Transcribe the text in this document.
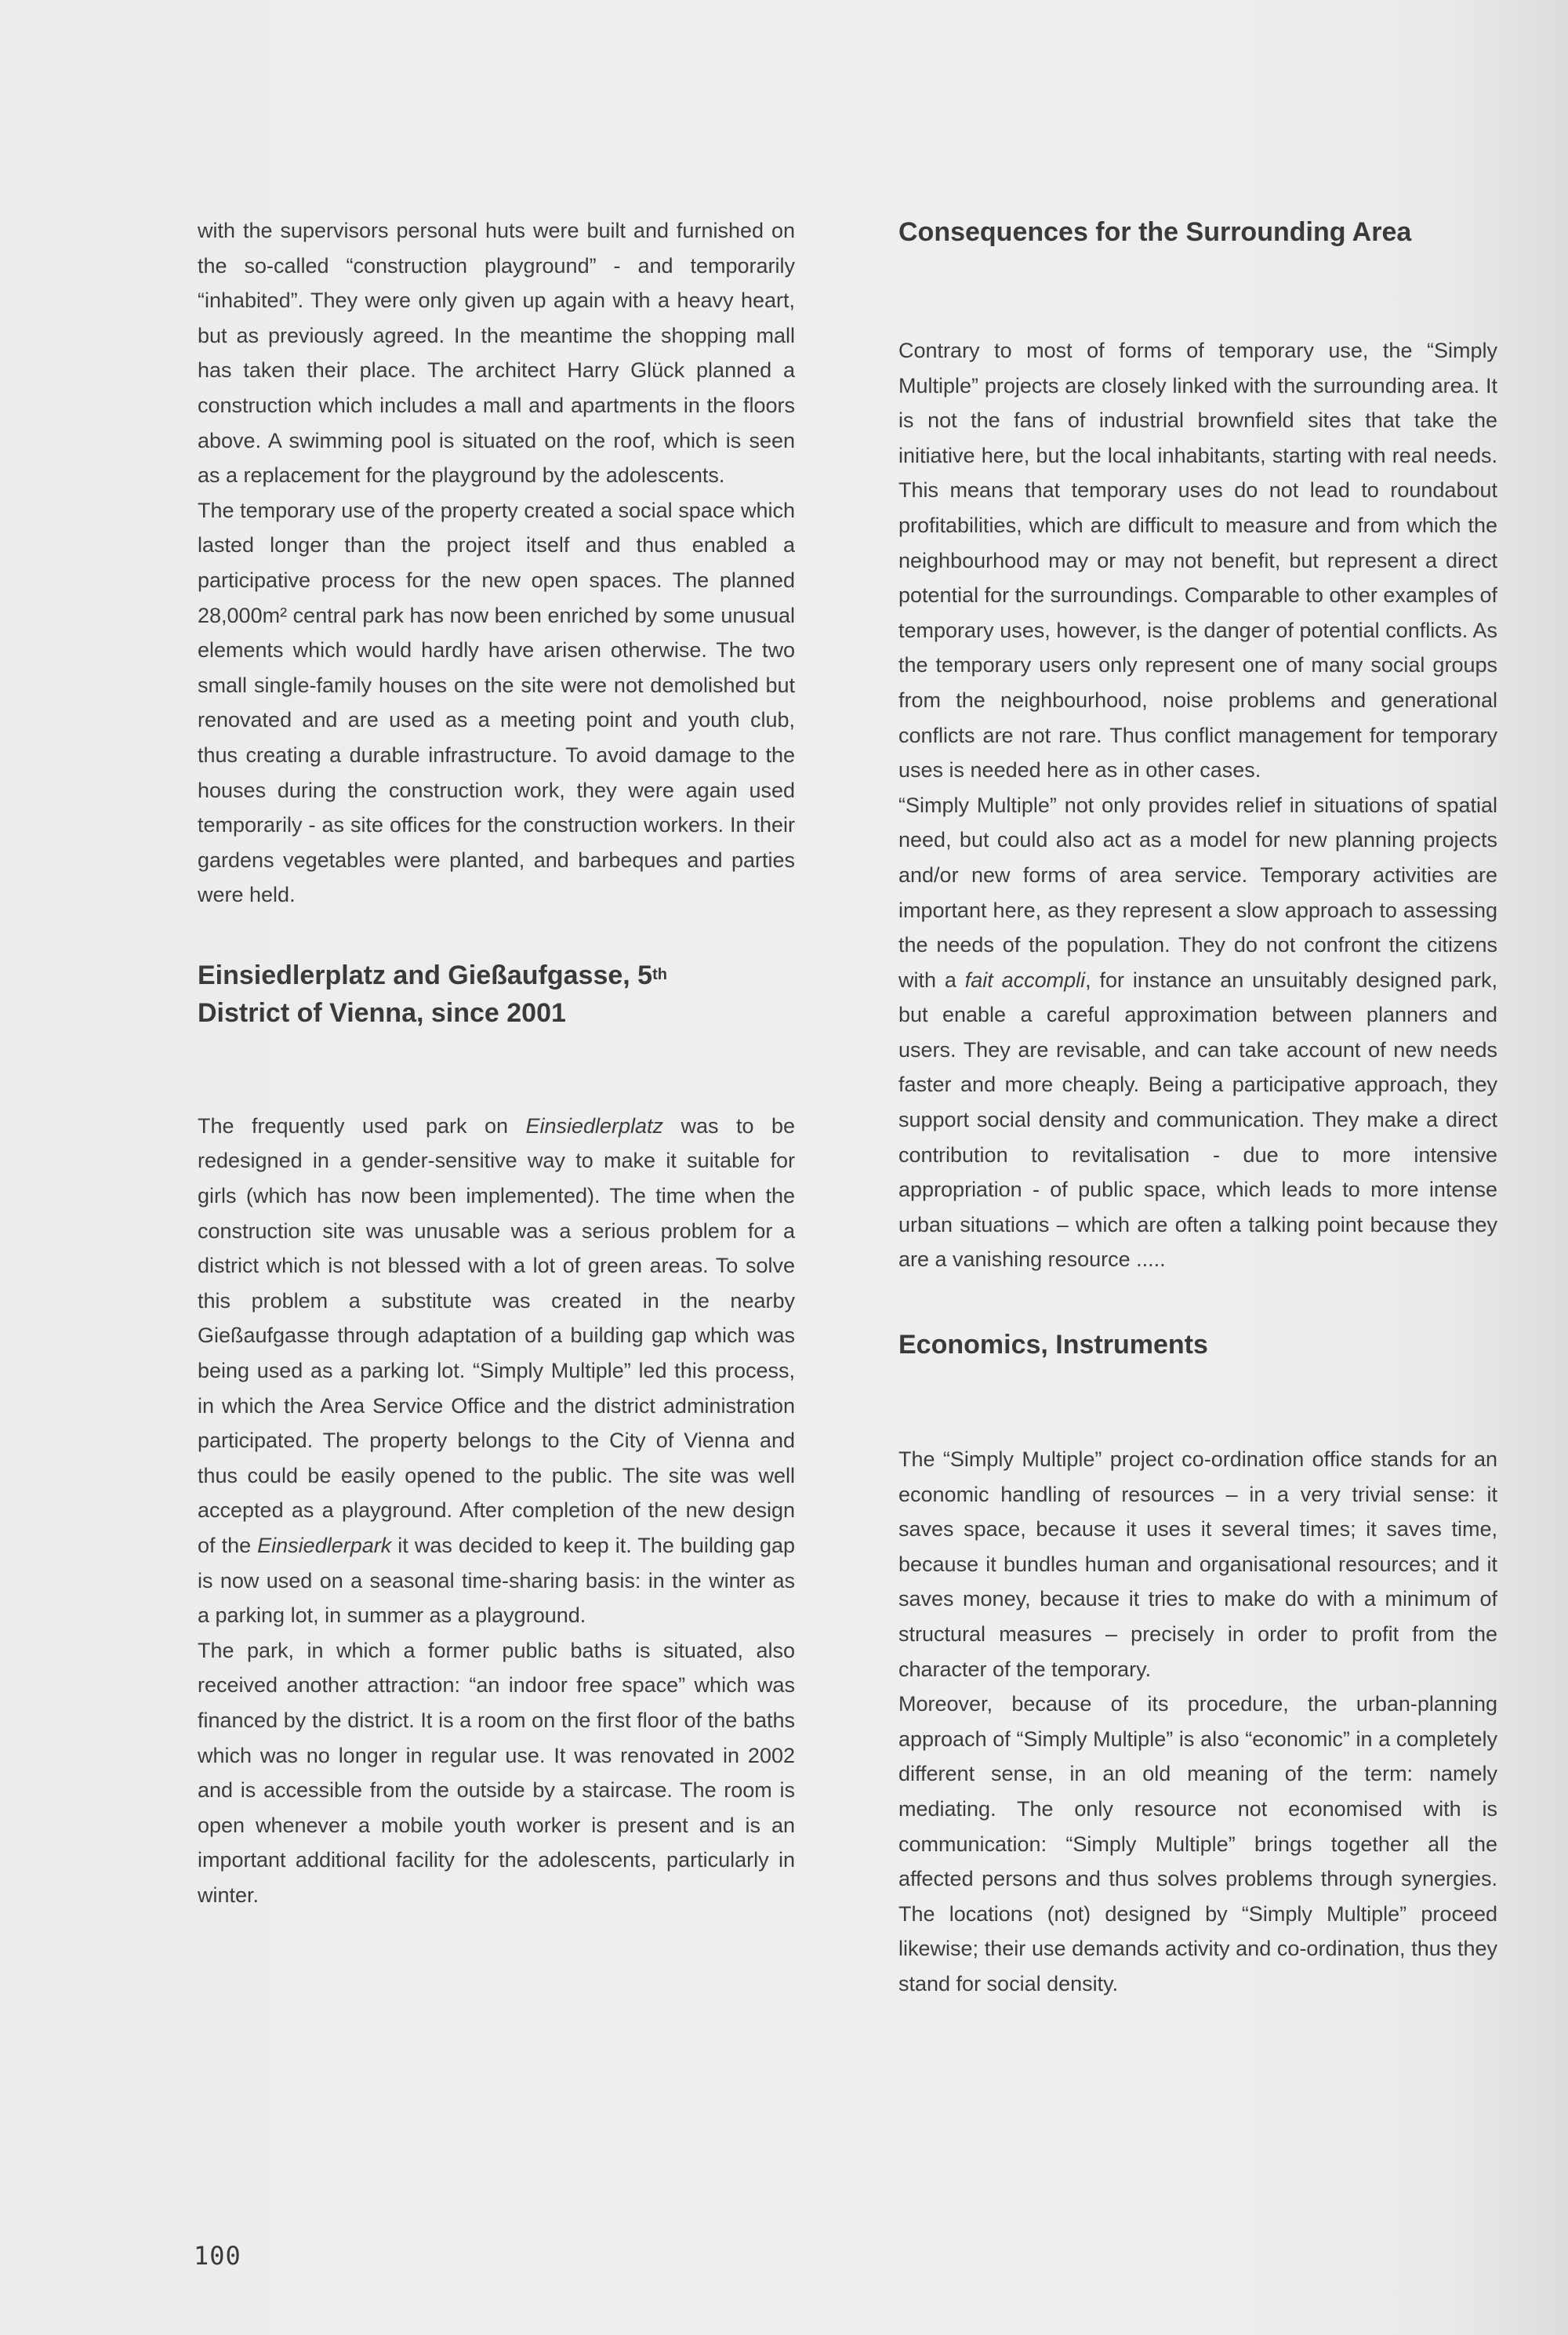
with the supervisors personal huts were built and furnished on the so-called “construction playground” - and temporarily “inhabited”. They were only given up again with a heavy heart, but as previously agreed. In the meantime the shopping mall has taken their place. The architect Harry Glück planned a construction which includes a mall and apartments in the floors above. A swimming pool is situated on the roof, which is seen as a replacement for the playground by the adolescents.

The temporary use of the property created a social space which lasted longer than the project itself and thus enabled a participative process for the new open spaces. The planned 28,000m² central park has now been enriched by some unusual elements which would hardly have arisen otherwise. The two small single-family houses on the site were not demolished but renovated and are used as a meeting point and youth club, thus creating a durable infrastructure. To avoid damage to the houses during the construction work, they were again used temporarily - as site offices for the construction workers. In their gardens vegetables were planted, and barbeques and parties were held.

Einsiedlerplatz and Gießaufgasse, 5th
District of Vienna, since 2001

The frequently used park on Einsiedlerplatz was to be redesigned in a gender-sensitive way to make it suitable for girls (which has now been implemented). The time when the construction site was unusable was a serious problem for a district which is not blessed with a lot of green areas. To solve this problem a substitute was created in the nearby Gießaufgasse through adaptation of a building gap which was being used as a parking lot. “Simply Multiple” led this process, in which the Area Service Office and the district administration participated. The property belongs to the City of Vienna and thus could be easily opened to the public. The site was well accepted as a playground. After completion of the new design of the Einsiedlerpark it was decided to keep it. The building gap is now used on a seasonal time-sharing basis: in the winter as a parking lot, in summer as a playground.

The park, in which a former public baths is situated, also received another attraction: “an indoor free space” which was financed by the district. It is a room on the first floor of the baths which was no longer in regular use. It was renovated in 2002 and is accessible from the outside by a staircase. The room is open whenever a mobile youth worker is present and is an important additional facility for the adolescents, particularly in winter.

Consequences for the Surrounding Area

Contrary to most of forms of temporary use, the “Simply Multiple” projects are closely linked with the surrounding area. It is not the fans of industrial brownfield sites that take the initiative here, but the local inhabitants, starting with real needs. This means that temporary uses do not lead to roundabout profitabilities, which are difficult to measure and from which the neighbourhood may or may not benefit, but represent a direct potential for the surroundings. Comparable to other examples of temporary uses, however, is the danger of potential conflicts. As the temporary users only represent one of many social groups from the neighbourhood, noise problems and generational conflicts are not rare. Thus conflict management for temporary uses is needed here as in other cases.

“Simply Multiple” not only provides relief in situations of spatial need, but could also act as a model for new planning projects and/or new forms of area service. Temporary activities are important here, as they represent a slow approach to assessing the needs of the population. They do not confront the citizens with a fait accompli, for instance an unsuitably designed park, but enable a careful approximation between planners and users. They are revisable, and can take account of new needs faster and more cheaply. Being a participative approach, they support social density and communication. They make a direct contribution to revitalisation - due to more intensive appropriation - of public space, which leads to more intense urban situations – which are often a talking point because they are a vanishing resource .....

Economics, Instruments

The “Simply Multiple” project co-ordination office stands for an economic handling of resources – in a very trivial sense: it saves space, because it uses it several times; it saves time, because it bundles human and organisational resources; and it saves money, because it tries to make do with a minimum of structural measures – precisely in order to profit from the character of the temporary.

Moreover, because of its procedure, the urban-planning approach of “Simply Multiple” is also “economic” in a completely different sense, in an old meaning of the term: namely mediating. The only resource not economised with is communication: “Simply Multiple” brings together all the affected persons and thus solves problems through synergies. The locations (not) designed by “Simply Multiple” proceed likewise; their use demands activity and co-ordination, thus they stand for social density.

100
